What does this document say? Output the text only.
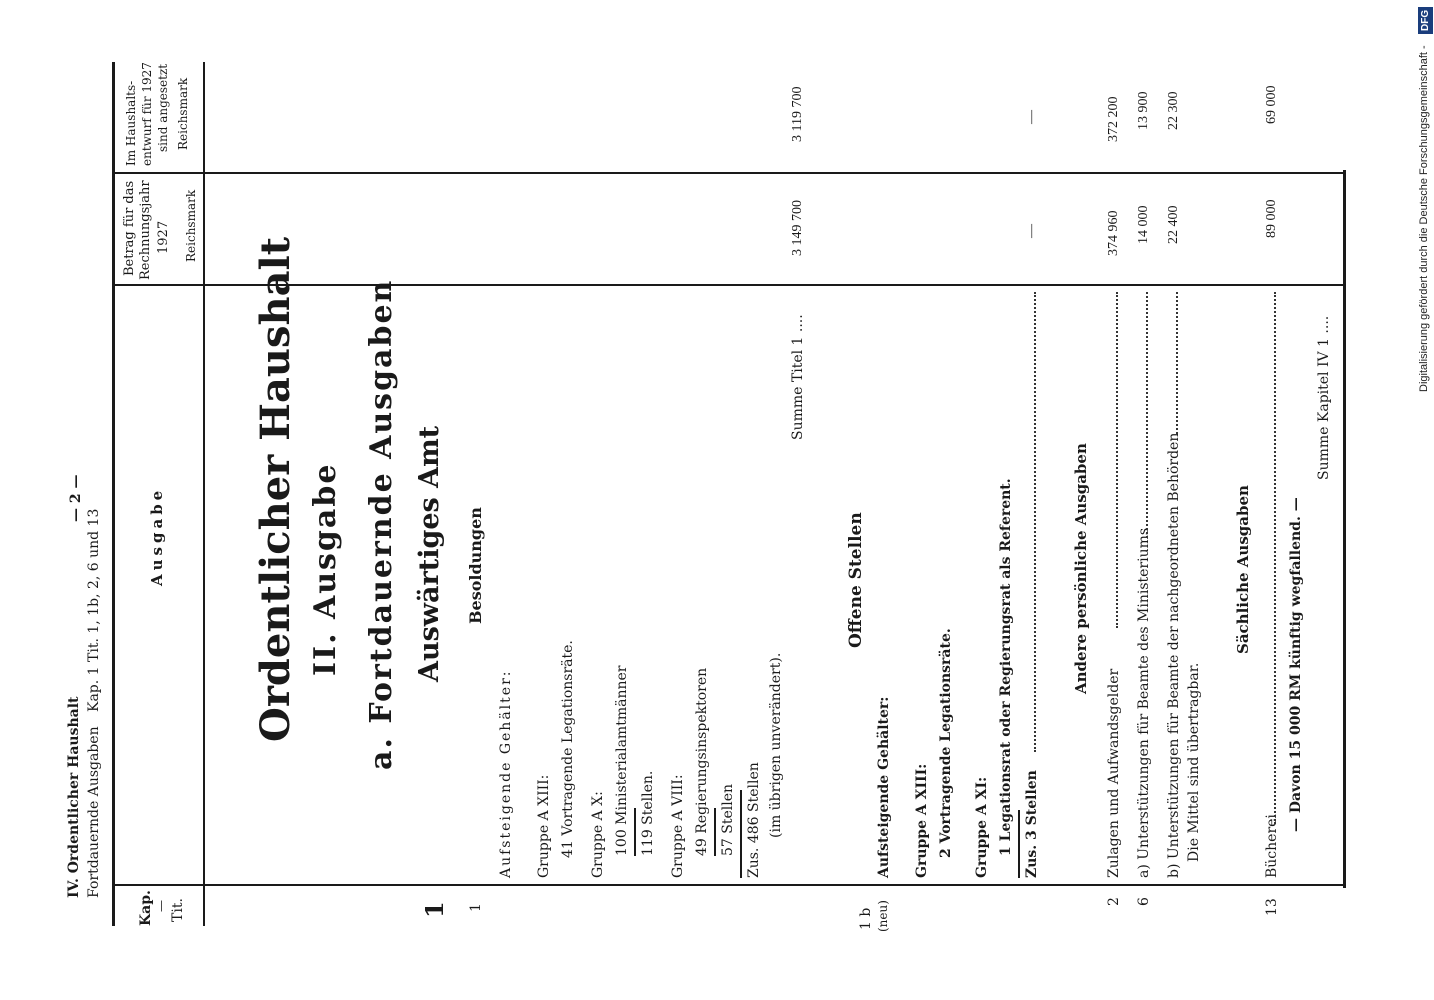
IV. Ordentlicher Haushalt Fortdauernde Ausgaben
Kap. 1 Tit. 1, 1b, 2, 6 und 13
— 2 —
Kap. — Tit.
Ausgabe
Betrag für das Rechnungsjahr 1927 Reichsmark
Im Haushalts- entwurf für 1927 sind angesetzt Reichsmark
Ordentlicher Haushalt II. Ausgabe a. Fortdauernde Ausgaben Auswärtiges Amt Besoldungen
1 1
Aufsteigende Gehälter: Gruppe A XIII: 41 Vortragende Legationsräte. Gruppe A X: 100 Ministerialamtmänner 119 Stellen. Gruppe A VIII: 49 Regierungsinspektoren 57 Stellen Zus. 486 Stellen (im übrigen unverändert).
Summe Titel 1 ....
3 149 700
3 119 700
1 b (neu)
Offene Stellen
Aufsteigende Gehälter: Gruppe A XIII: 2 Vortragende Legationsräte. Gruppe A XI: 1 Legationsrat oder Regierungsrat als Referent. Zus. 3 Stellen
—
—
Andere persönliche Ausgaben
2
Zulagen und Aufwandsgelder
374 960
372 200
6
a) Unterstützungen für Beamte des Ministeriums
14 000
13 900
b) Unterstützungen für Beamte der nachgeordneten Behörden Die Mittel sind übertragbar.
22 400
22 300
Sächliche Ausgaben
13
Bücherei
89 000
69 000
— Davon 15 000 RM künftig wegfallend. —
Summe Kapitel IV 1 ....
DFG
Digitalisierung gefördert durch die Deutsche Forschungsgemeinschaft -
